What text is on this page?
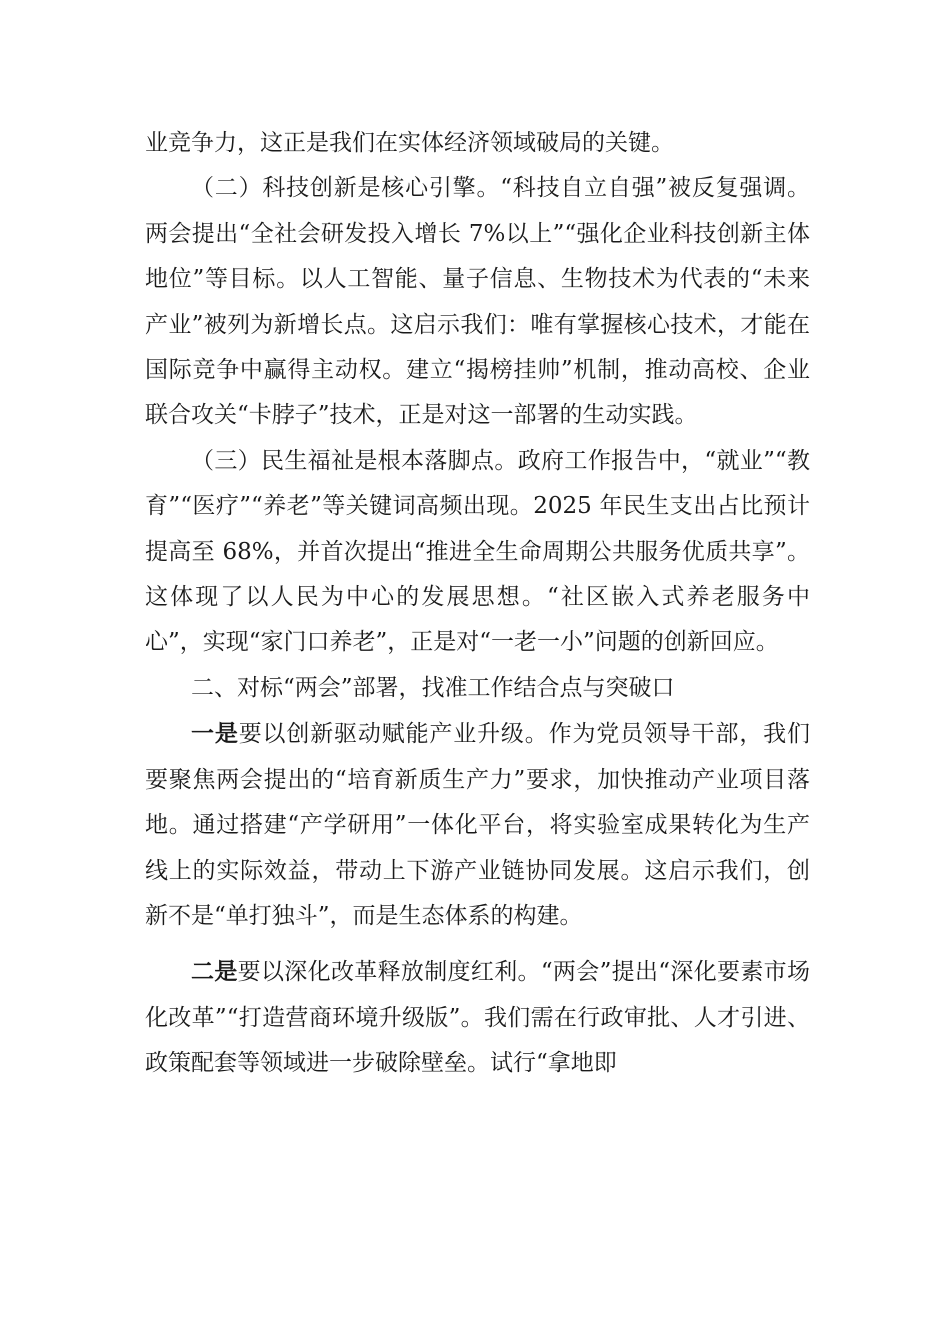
业竞争力，这正是我们在实体经济领域破局的关键。

（二）科技创新是核心引擎。“科技自立自强”被反复强调。两会提出“全社会研发投入增长 7%以上”“强化企业科技创新主体地位”等目标。以人工智能、量子信息、生物技术为代表的“未来产业”被列为新增长点。这启示我们：唯有掌握核心技术，才能在国际竞争中赢得主动权。建立“揭榜挂帅”机制，推动高校、企业联合攻关“卡脖子”技术，正是对这一部署的生动实践。

（三）民生福祉是根本落脚点。政府工作报告中，“就业”“教育”“医疗”“养老”等关键词高频出现。2025 年民生支出占比预计提高至 68%，并首次提出“推进全生命周期公共服务优质共享”。这体现了以人民为中心的发展思想。“社区嵌入式养老服务中心”，实现“家门口养老”，正是对“一老一小”问题的创新回应。

二、对标“两会”部署，找准工作结合点与突破口

一是要以创新驱动赋能产业升级。作为党员领导干部，我们要聚焦两会提出的“培育新质生产力”要求，加快推动产业项目落地。通过搭建“产学研用”一体化平台，将实验室成果转化为生产线上的实际效益，带动上下游产业链协同发展。这启示我们，创新不是“单打独斗”，而是生态体系的构建。

二是要以深化改革释放制度红利。“两会”提出“深化要素市场化改革”“打造营商环境升级版”。我们需在行政审批、人才引进、政策配套等领域进一步破除壁垒。试行“拿地即
